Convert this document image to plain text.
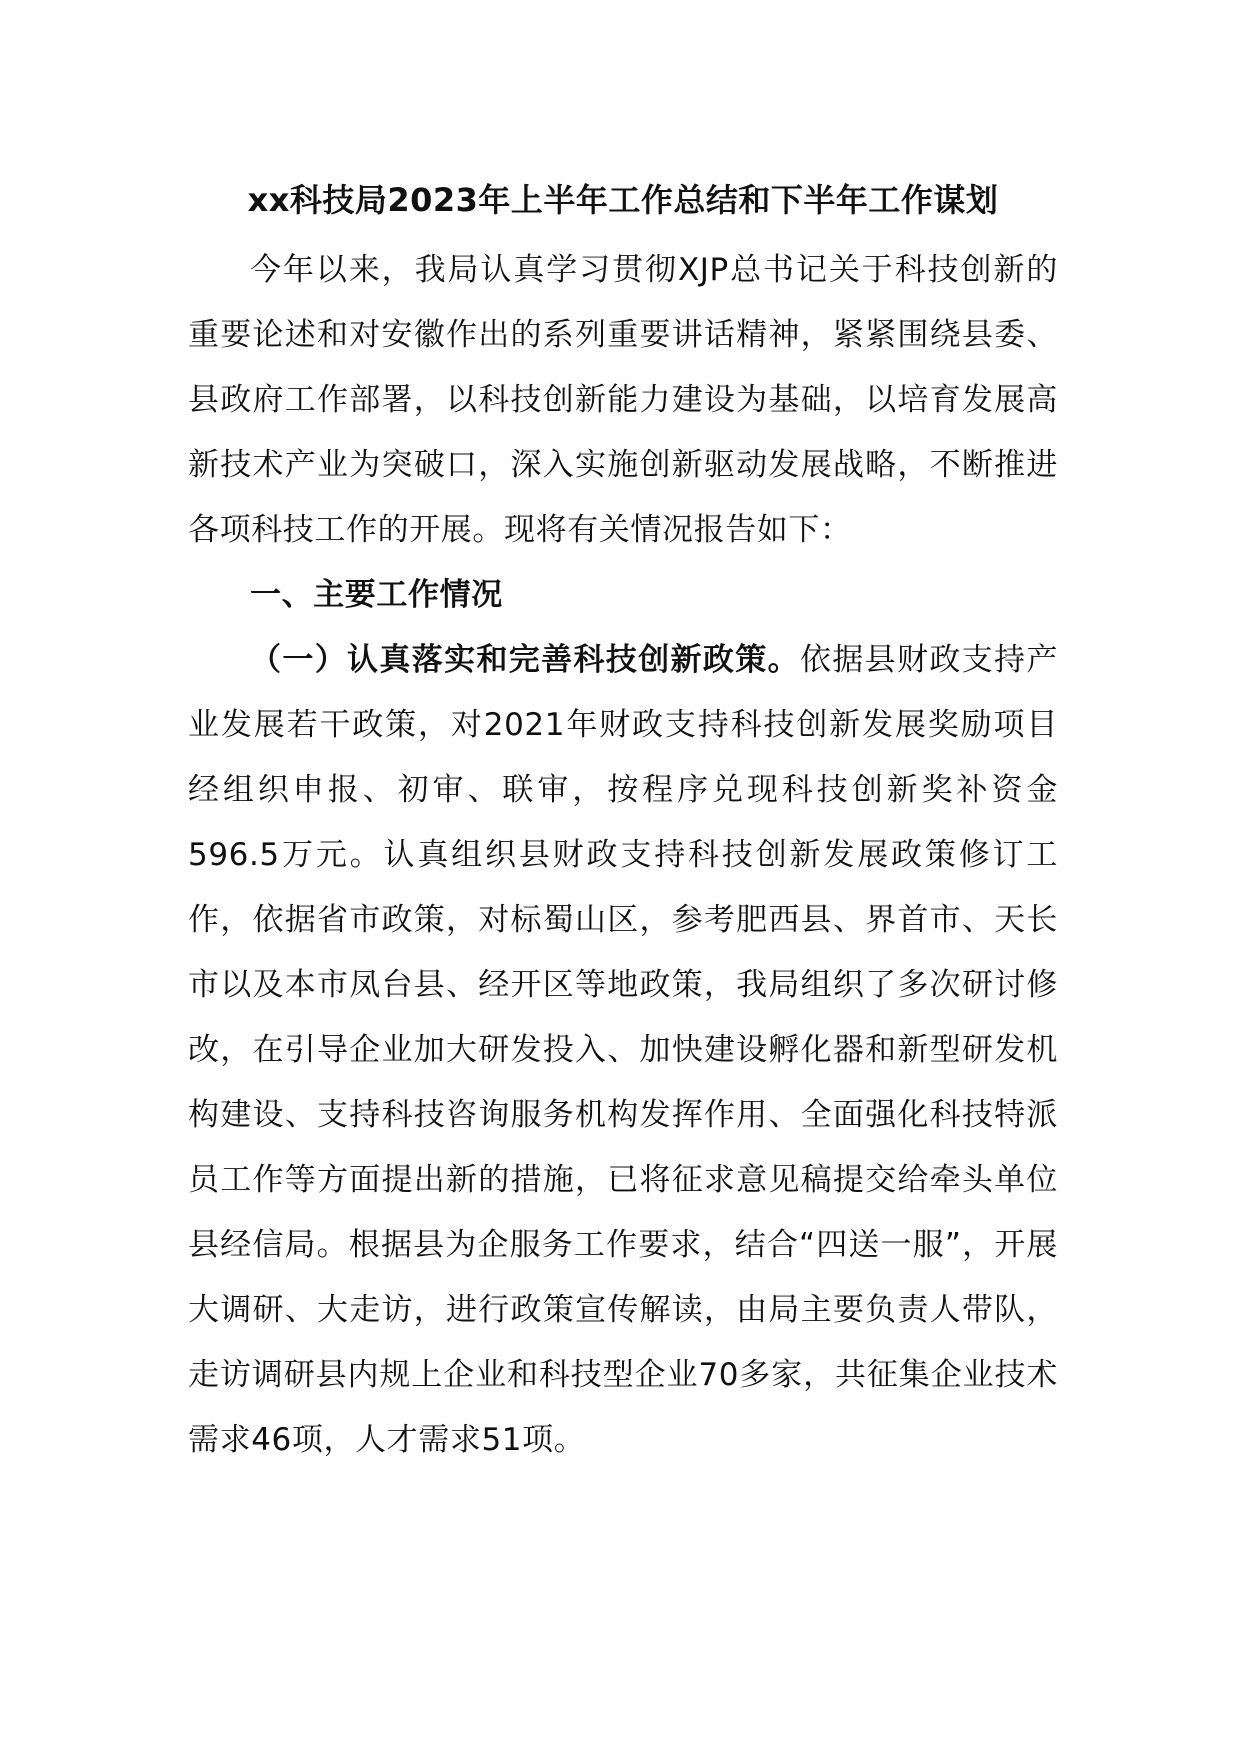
xx科技局2023年上半年工作总结和下半年工作谋划

今年以来，我局认真学习贯彻XJP总书记关于科技创新的重要论述和对安徽作出的系列重要讲话精神，紧紧围绕县委、县政府工作部署，以科技创新能力建设为基础，以培育发展高新技术产业为突破口，深入实施创新驱动发展战略，不断推进各项科技工作的开展。现将有关情况报告如下：

一、主要工作情况

（一）认真落实和完善科技创新政策。依据县财政支持产业发展若干政策，对2021年财政支持科技创新发展奖励项目经组织申报、初审、联审，按程序兑现科技创新奖补资金596.5万元。认真组织县财政支持科技创新发展政策修订工作，依据省市政策，对标蜀山区，参考肥西县、界首市、天长市以及本市凤台县、经开区等地政策，我局组织了多次研讨修改，在引导企业加大研发投入、加快建设孵化器和新型研发机构建设、支持科技咨询服务机构发挥作用、全面强化科技特派员工作等方面提出新的措施，已将征求意见稿提交给牵头单位县经信局。根据县为企服务工作要求，结合“四送一服”，开展大调研、大走访，进行政策宣传解读，由局主要负责人带队，走访调研县内规上企业和科技型企业70多家，共征集企业技术需求46项，人才需求51项。
